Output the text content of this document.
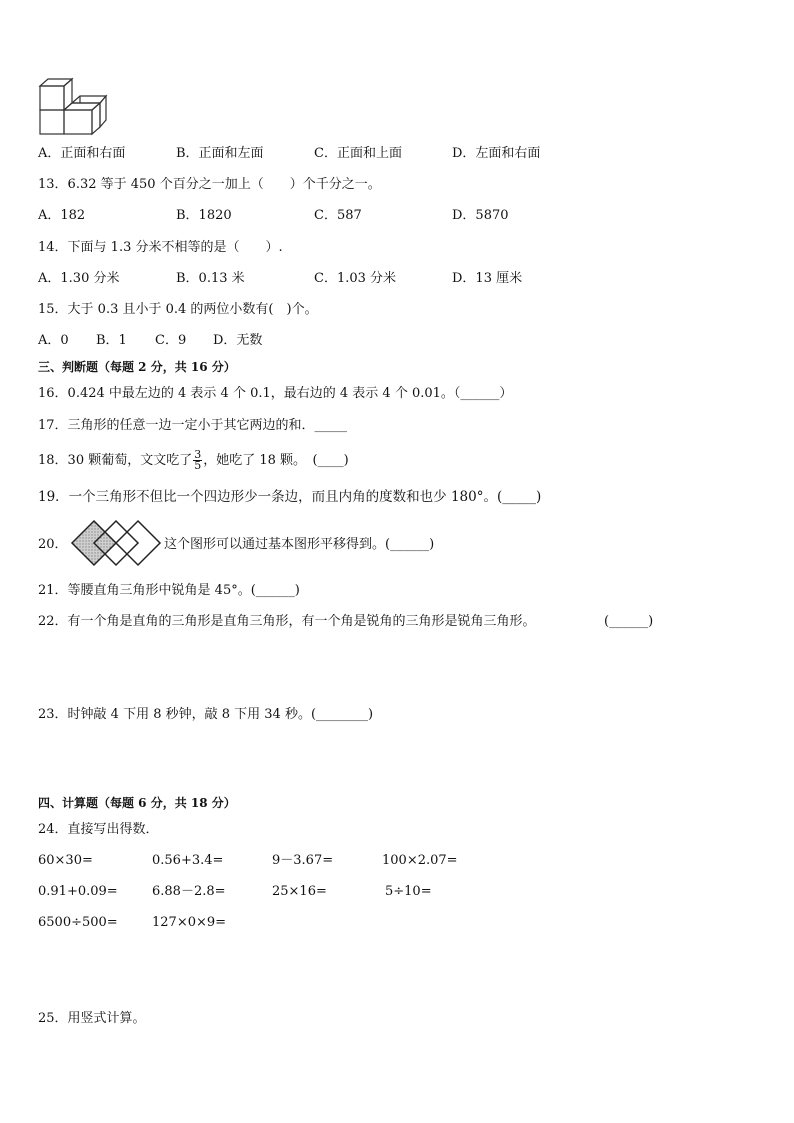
A．正面和右面	B．正面和左面	C．正面和上面	D．左面和右面
13．6.32 等于 450 个百分之一加上（　　）个千分之一。
A．182	B．1820	C．587	D．5870
14．下面与 1.3 分米不相等的是（　　）.
A．1.30 分米	B．0.13 米	C．1.03 分米	D．13 厘米
15．大于 0.3 且小于 0.4 的两位小数有(　)个。
A．0 B．1 C．9 D．无数
三、判断题（每题 2 分，共 16 分）
16．0.424 中最左边的 4 表示 4 个 0.1，最右边的 4 表示 4 个 0.01。（______）
17．三角形的任意一边一定小于其它两边的和．_____
18．30 颗葡萄，文文吃了 $\frac{3}{5}$ ，她吃了 18 颗。　(____)
19．一个三角形不但比一个四边形少一条边，而且内角的度数和也少 180°。(_____)
20．	这个图形可以通过基本图形平移得到。(______)
21．等腰直角三角形中锐角是 45°。(______)
22．有一个角是直角的三角形是直角三角形，有一个角是锐角的三角形是锐角三角形。	(______)
23．时钟敲 4 下用 8 秒钟，敲 8 下用 34 秒。(________)
四、计算题（每题 6 分，共 18 分）
24．直接写出得数．
60×30=	0.56+3.4=	9－3.67=	100×2.07=
0.91+0.09=	6.88－2.8=	25×16=	5÷10=
6500÷500=	127×0×9=
25．用竖式计算。
